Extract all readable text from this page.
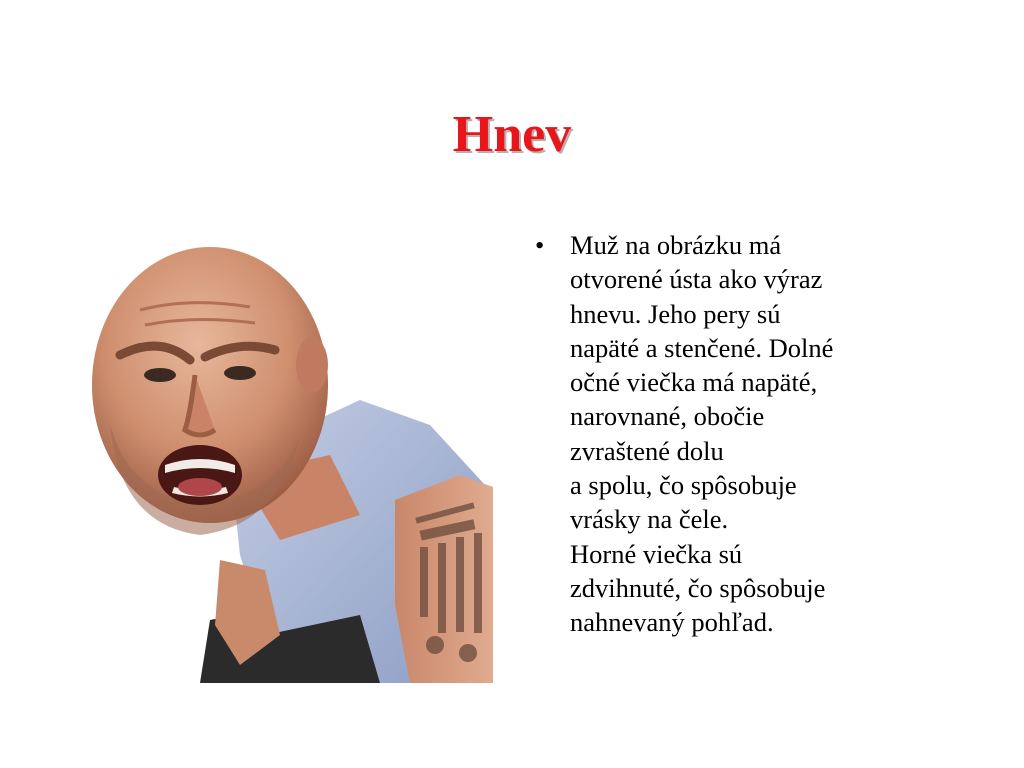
Hnev
• Muž na obrázku má
otvorené ústa ako výraz
hnevu. Jeho pery sú
napäté a stenčené. Dolné
očné viečka má napäté,
narovnané, obočie
zvraštené dolu
a spolu, čo spôsobuje
vrásky na čele.
Horné viečka sú
zdvihnuté, čo spôsobuje
nahnevaný pohľad.
